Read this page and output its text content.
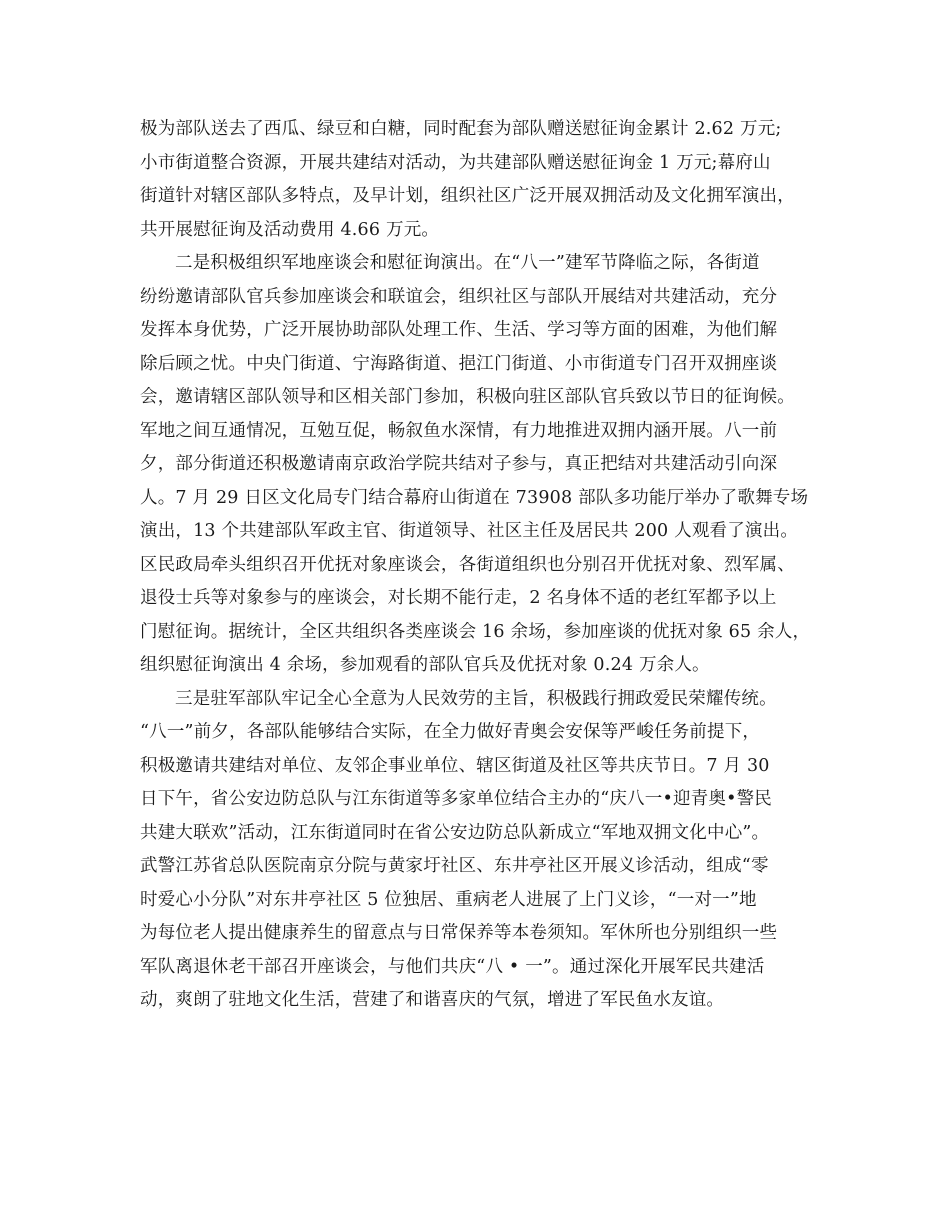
极为部队送去了西瓜、绿豆和白糖，同时配套为部队赠送慰征询金累计 2.62 万元;
小市街道整合资源，开展共建结对活动，为共建部队赠送慰征询金 1 万元;幕府山
街道针对辖区部队多特点，及早计划，组织社区广泛开展双拥活动及文化拥军演出，
共开展慰征询及活动费用 4.66 万元。
二是积极组织军地座谈会和慰征询演出。在“八一”建军节降临之际，各街道
纷纷邀请部队官兵参加座谈会和联谊会，组织社区与部队开展结对共建活动，充分
发挥本身优势，广泛开展协助部队处理工作、生活、学习等方面的困难，为他们解
除后顾之忧。中央门街道、宁海路街道、挹江门街道、小市街道专门召开双拥座谈
会，邀请辖区部队领导和区相关部门参加，积极向驻区部队官兵致以节日的征询候。
军地之间互通情况，互勉互促，畅叙鱼水深情，有力地推进双拥内涵开展。八一前
夕，部分街道还积极邀请南京政治学院共结对子参与，真正把结对共建活动引向深
人。7 月 29 日区文化局专门结合幕府山街道在 73908 部队多功能厅举办了歌舞专场
演出，13 个共建部队军政主官、街道领导、社区主任及居民共 200 人观看了演出。
区民政局牵头组织召开优抚对象座谈会，各街道组织也分别召开优抚对象、烈军属、
退役士兵等对象参与的座谈会，对长期不能行走，2 名身体不适的老红军都予以上
门慰征询。据统计，全区共组织各类座谈会 16 余场，参加座谈的优抚对象 65 余人，
组织慰征询演出 4 余场，参加观看的部队官兵及优抚对象 0.24 万余人。
三是驻军部队牢记全心全意为人民效劳的主旨，积极践行拥政爱民荣耀传统。
“八一”前夕，各部队能够结合实际，在全力做好青奥会安保等严峻任务前提下，
积极邀请共建结对单位、友邻企事业单位、辖区街道及社区等共庆节日。7 月 30
日下午，省公安边防总队与江东街道等多家单位结合主办的“庆八一•迎青奥•警民
共建大联欢”活动，江东街道同时在省公安边防总队新成立“军地双拥文化中心”。
武警江苏省总队医院南京分院与黄家圩社区、东井亭社区开展义诊活动，组成“零
时爱心小分队”对东井亭社区 5 位独居、重病老人进展了上门义诊，“一对一”地
为每位老人提出健康养生的留意点与日常保养等本卷须知。军休所也分别组织一些
军队离退休老干部召开座谈会，与他们共庆“八 • 一”。通过深化开展军民共建活
动，爽朗了驻地文化生活，营建了和谐喜庆的气氛，增进了军民鱼水友谊。
